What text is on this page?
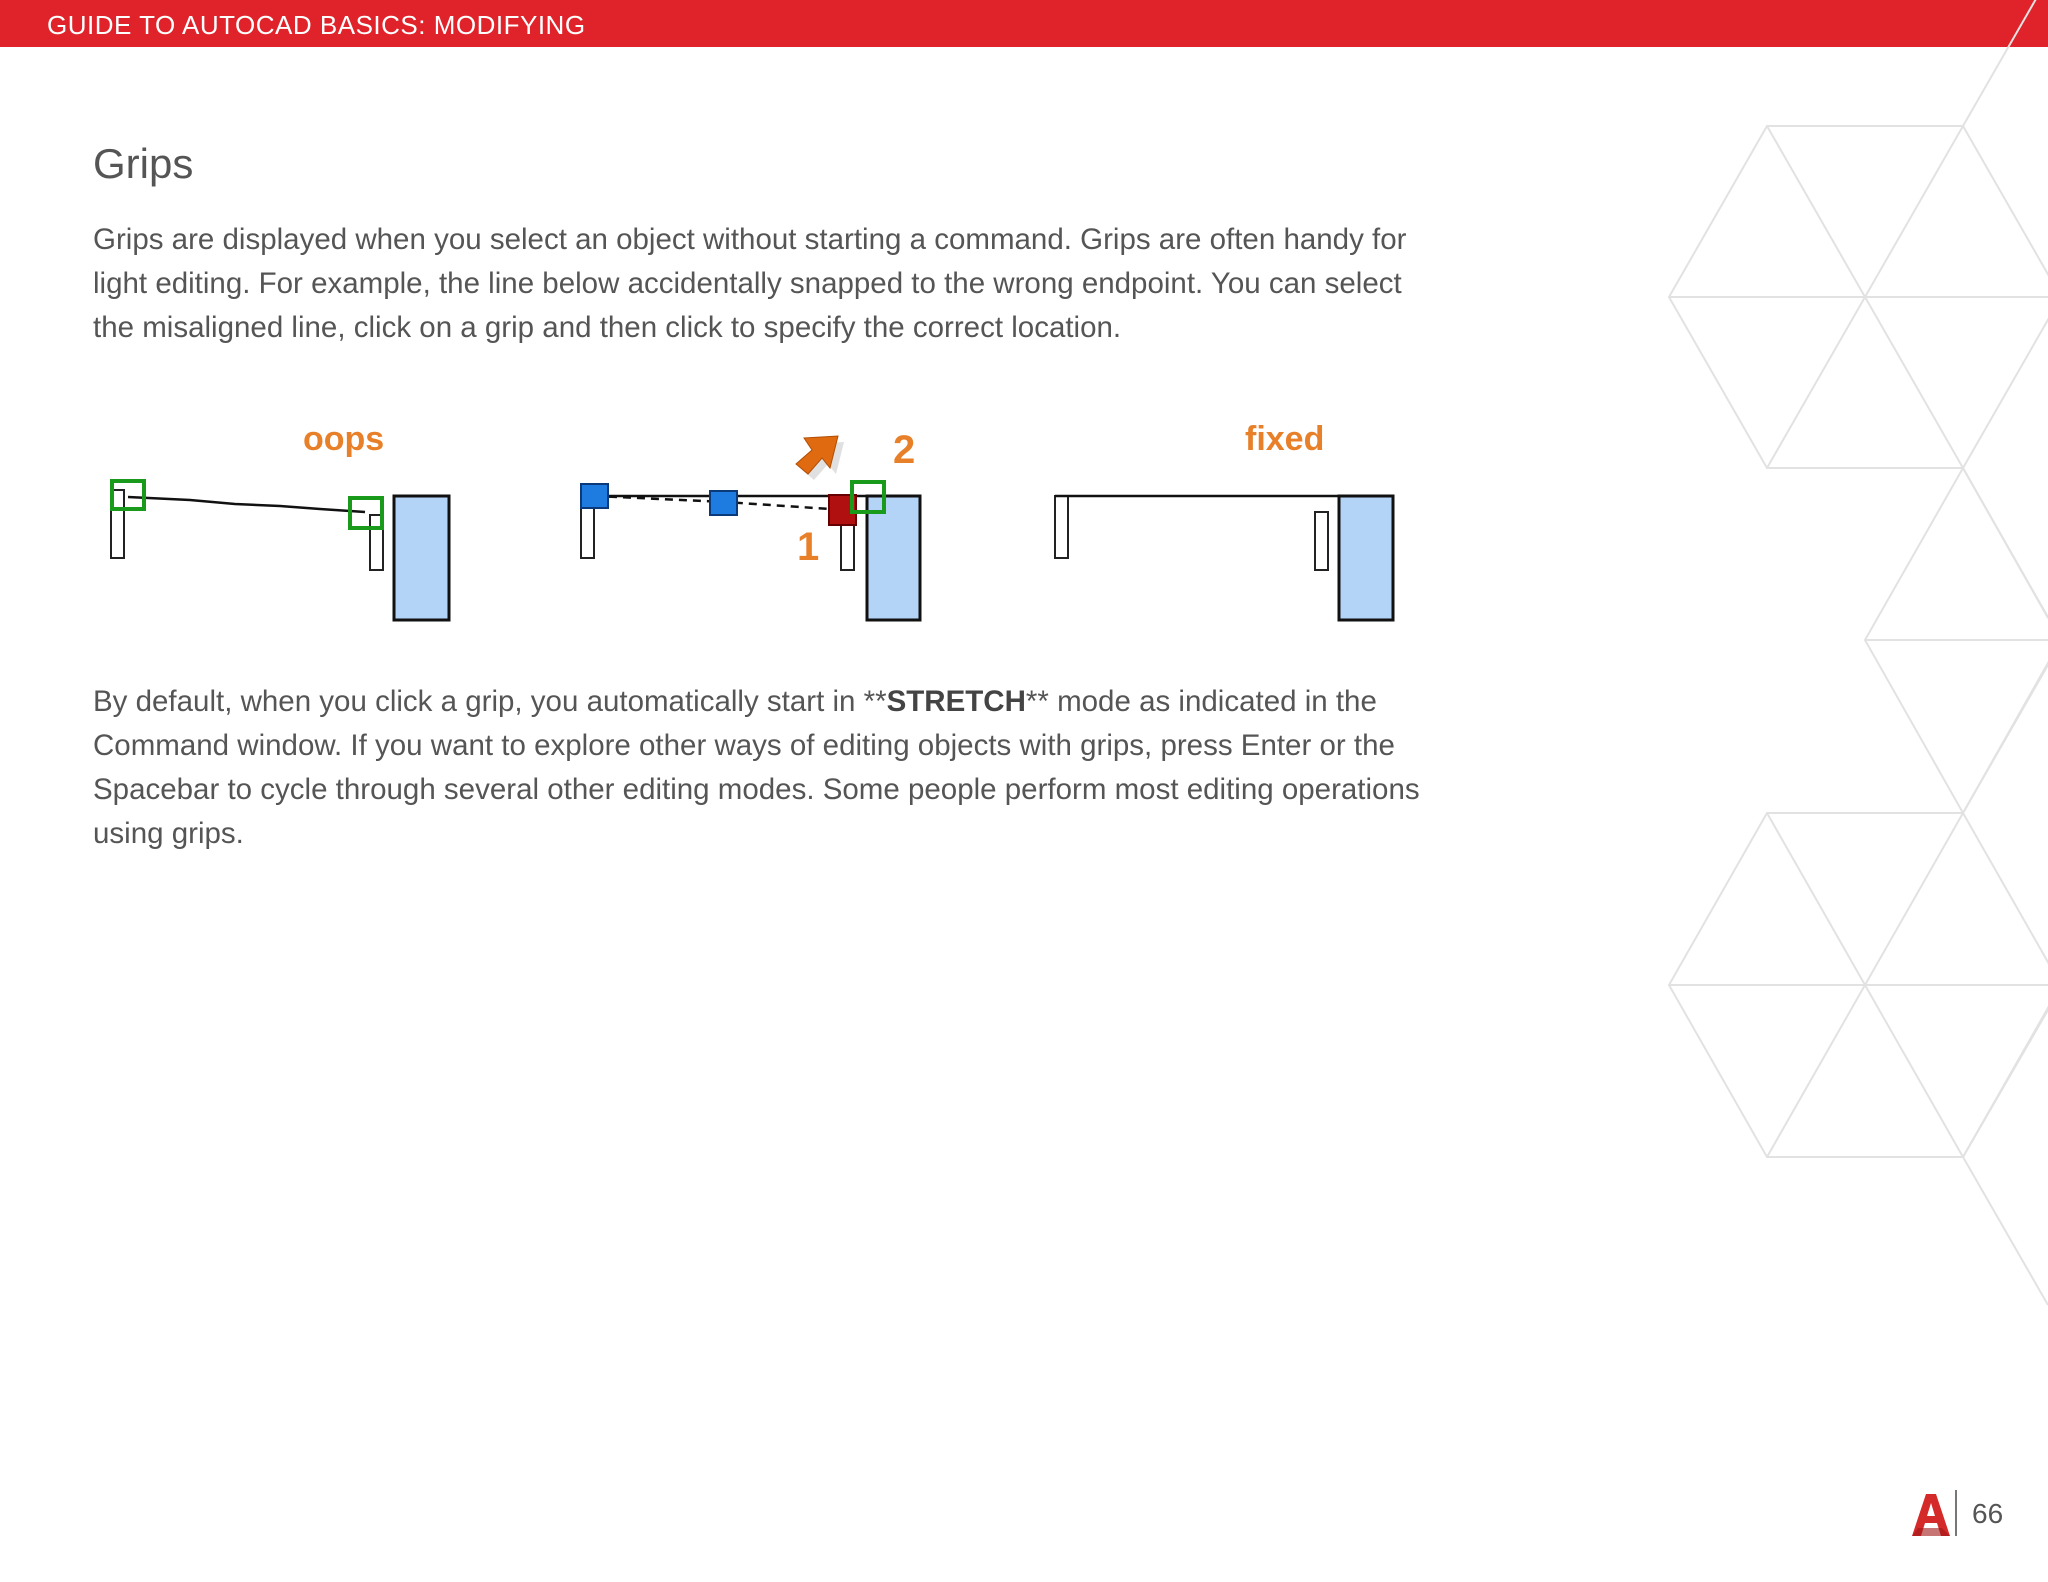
GUIDE TO AUTOCAD BASICS: MODIFYING
Grips

Grips are displayed when you select an object without starting a command. Grips are often handy for light editing. For example, the line below accidentally snapped to the wrong endpoint. You can select the misaligned line, click on a grip and then click to specify the correct location.

oops
1
2	fixed

By default, when you click a grip, you automatically start in **STRETCH** mode as indicated in the Command window. If you want to explore other ways of editing objects with grips, press Enter or the Spacebar to cycle through several other editing modes. Some people perform most editing operations using grips.

66
